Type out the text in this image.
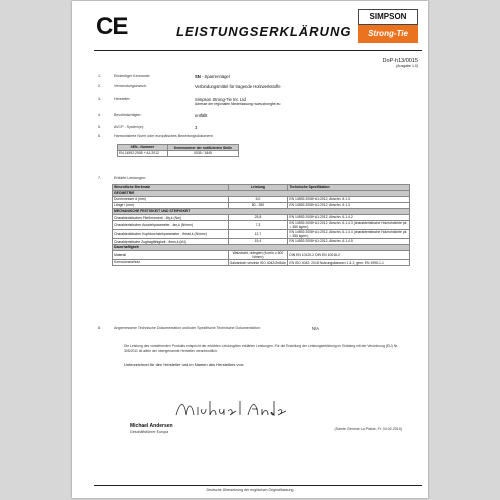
CE	LEISTUNGSERKLÄRUNG
SIMPSON
Strong-Tie
DoP-h13/0015
(Ausgabe 1.0)
1.	Eindeutiger Kenncode:	SN - Sparrennägel
2.	Verwendungszweck:	Verbindungsmittel für tragende Holzwerkstoffe
3.	Hersteller:	Simpson Strong-Tie Int. Ltd
Adresse der regionalen Niederlassung: www.strongtie.eu
4.	Bevollmächtigter:	entfällt
5.	AVCP - System(e):	3
6.	Harmonisierte Norm oder europäisches Bewertungsdokument:
hEN - Nummer	Kennnummer der notifizierten Stelle
EN 14592:2008 + A1:2012	0035 / 1845
7.	Erklärte Leistungen:
Wesentliche Merkmale	Leistung	Technische Spezifikation
GEOMETRIE		
Durchmesser d (mm)	6,0	EN 14592:2008+A1:2012, Abschn. 6.1.3
Länge l (mm)	80 - 350	EN 14592:2008+A1:2012, Abschn. 6.1.3
MECHANISCHE FESTIGKEIT UND STEIFIGKEIT		
Charakteristisches Fließmoment - My,k (Nm)	25,8	EN 14592:2008+A1:2012, Abschn. 6.1.4.2
Charakteristischer Ausziehparameter - fax,k (N/mm²)	7,3	EN 14592:2008+A1:2012, Abschn. 6.1.4.3 (charakteristische Holzrohdichte ρk = 350 kg/m³)
Charakteristischer Kopfdurchziehparameter - fhead,k (N/mm²)	12,7	EN 14592:2008+A1:2012, Abschn. 6.1.4.4 (charakteristische Holzrohdichte ρk = 350 kg/m³)
Charakteristische Zugtragfähigkeit - ftens,k (kN)	19,4	EN 14592:2008+A1:2012, Abschn. 6.1.4.5
Dauerhaftigkeit		
Material	Walzdraht, unlegiert (fu,min ≥ 600 N/mm²)	DIN EN 10120-2 DIN EN 10016-2
Korrosionsschutz	Galvanisch verzinkt ISO 4042/Zn8/An	EN ISO 4042: 2018 Nutzungsklassen 1 & 2, gem. EN 1995-1-1
8.	Angemessene Technische Dokumentation und/oder Spezifische Technische Dokumentation:	N/A
Die Leistung des vorstehenden Produkts entspricht der erklärten Leistung/den erklärten Leistungen. Für die Erstellung der Leistungserklärung im Einklang mit der Verordnung (EU) Nr. 305/2011 ist allein der obengenannte Hersteller verantwortlich.
Unterzeichnet für den Hersteller und im Namen des Herstellers von:
Michael Andersen
Geschäftsführer Europa
(Sainte Gemme La Plaine, Fr. 04.02.2019)
Deutsche Übersetzung der englischen Originalfassung
